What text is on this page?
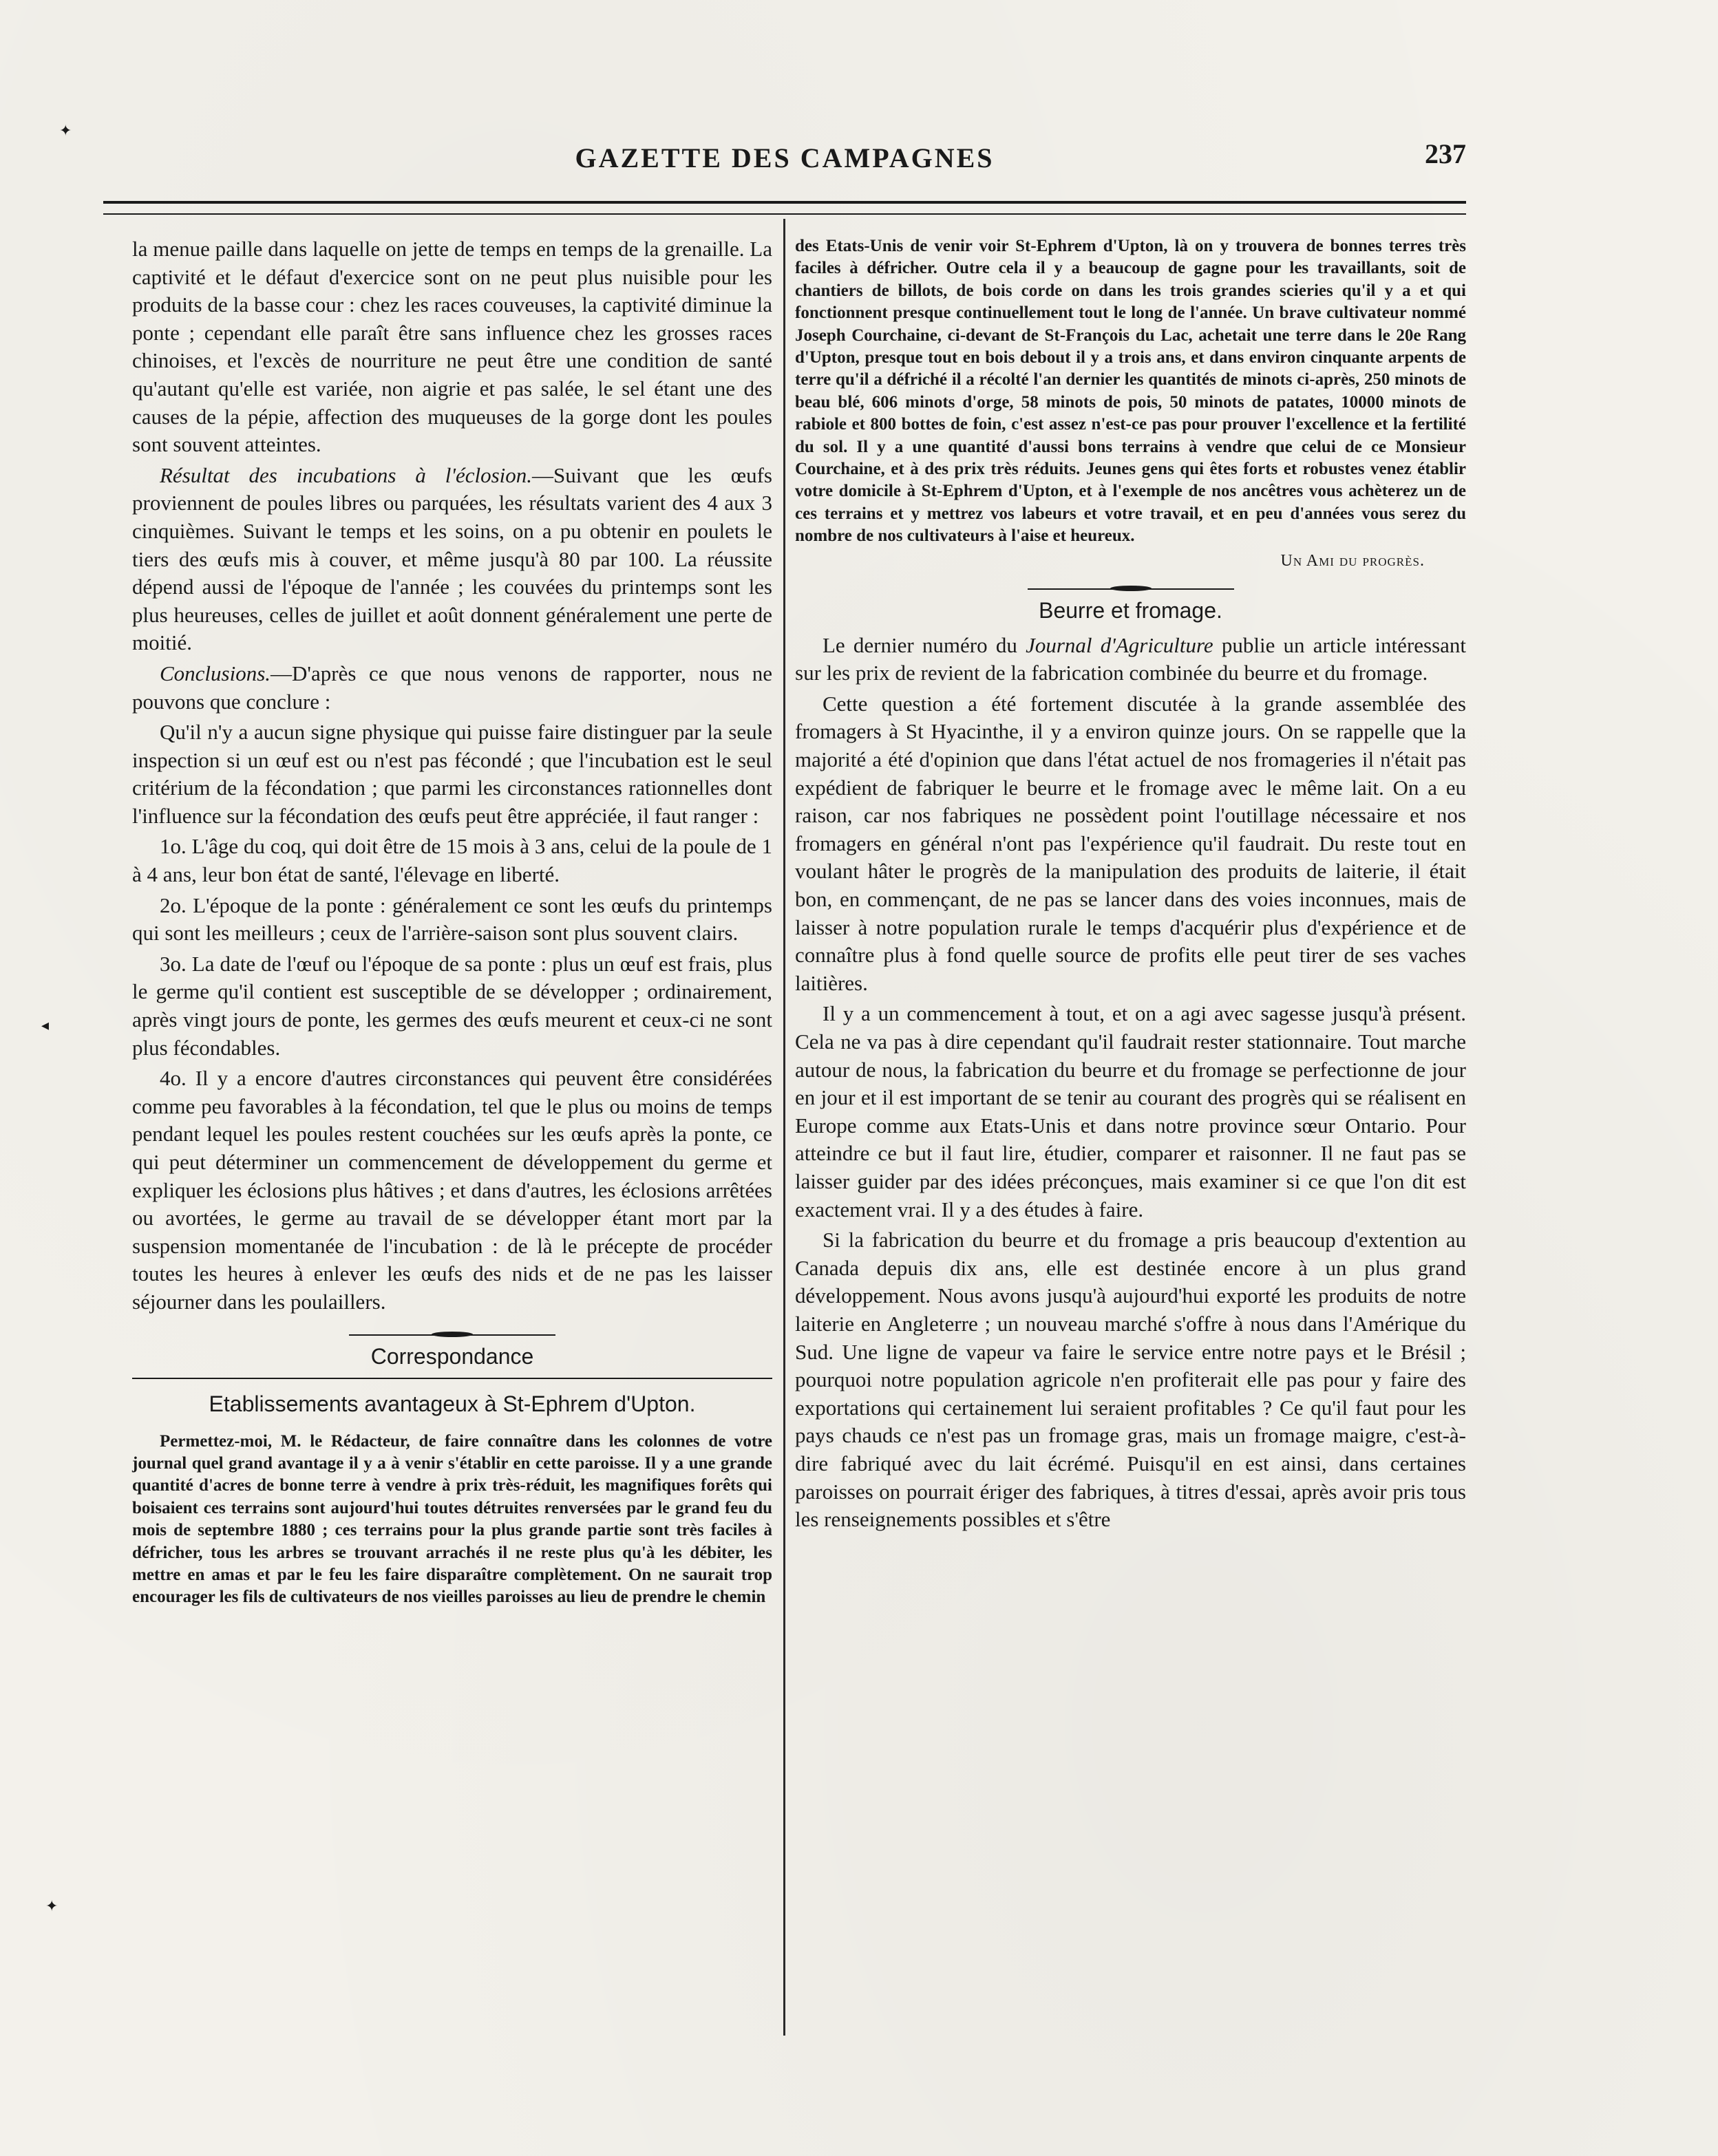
✦
◂
✦
GAZETTE DES CAMPAGNES	237

la menue paille dans laquelle on jette de temps en temps de la grenaille. La captivité et le défaut d'exercice sont on ne peut plus nuisible pour les produits de la basse cour : chez les races couveuses, la captivité diminue la ponte ; cependant elle paraît être sans influence chez les grosses races chinoises, et l'excès de nourriture ne peut être une condition de santé qu'autant qu'elle est variée, non aigrie et pas salée, le sel étant une des causes de la pépie, affection des muqueuses de la gorge dont les poules sont souvent atteintes.

Résultat des incubations à l'éclosion.—Suivant que les œufs proviennent de poules libres ou parquées, les résultats varient des 4 aux 3 cinquièmes. Suivant le temps et les soins, on a pu obtenir en poulets le tiers des œufs mis à couver, et même jusqu'à 80 par 100. La réussite dépend aussi de l'époque de l'année ; les couvées du printemps sont les plus heureuses, celles de juillet et août donnent généralement une perte de moitié.

Conclusions.—D'après ce que nous venons de rapporter, nous ne pouvons que conclure :

Qu'il n'y a aucun signe physique qui puisse faire distinguer par la seule inspection si un œuf est ou n'est pas fécondé ; que l'incubation est le seul critérium de la fécondation ; que parmi les circonstances rationnelles dont l'influence sur la fécondation des œufs peut être appréciée, il faut ranger :

1o. L'âge du coq, qui doit être de 15 mois à 3 ans, celui de la poule de 1 à 4 ans, leur bon état de santé, l'élevage en liberté.

2o. L'époque de la ponte : généralement ce sont les œufs du printemps qui sont les meilleurs ; ceux de l'arrière-saison sont plus souvent clairs.

3o. La date de l'œuf ou l'époque de sa ponte : plus un œuf est frais, plus le germe qu'il contient est susceptible de se développer ; ordinairement, après vingt jours de ponte, les germes des œufs meurent et ceux-ci ne sont plus fécondables.

4o. Il y a encore d'autres circonstances qui peuvent être considérées comme peu favorables à la fécondation, tel que le plus ou moins de temps pendant lequel les poules restent couchées sur les œufs après la ponte, ce qui peut déterminer un commencement de développement du germe et expliquer les éclosions plus hâtives ; et dans d'autres, les éclosions arrêtées ou avortées, le germe au travail de se développer étant mort par la suspension momentanée de l'incubation : de là le précepte de procéder toutes les heures à enlever les œufs des nids et de ne pas les laisser séjourner dans les poulaillers.

Correspondance
Etablissements avantageux à St-Ephrem d'Upton.

Permettez-moi, M. le Rédacteur, de faire connaître dans les colonnes de votre journal quel grand avantage il y a à venir s'établir en cette paroisse. Il y a une grande quantité d'acres de bonne terre à vendre à prix très-réduit, les magnifiques forêts qui boisaient ces terrains sont aujourd'hui toutes détruites renversées par le grand feu du mois de septembre 1880 ; ces terrains pour la plus grande partie sont très faciles à défricher, tous les arbres se trouvant arrachés il ne reste plus qu'à les débiter, les mettre en amas et par le feu les faire disparaître complètement. On ne saurait trop encourager les fils de cultivateurs de nos vieilles paroisses au lieu de prendre le chemin

des Etats-Unis de venir voir St-Ephrem d'Upton, là on y trouvera de bonnes terres très faciles à défricher. Outre cela il y a beaucoup de gagne pour les travaillants, soit de chantiers de billots, de bois corde on dans les trois grandes scieries qu'il y a et qui fonctionnent presque continuellement tout le long de l'année. Un brave cultivateur nommé Joseph Courchaine, ci-devant de St-François du Lac, achetait une terre dans le 20e Rang d'Upton, presque tout en bois debout il y a trois ans, et dans environ cinquante arpents de terre qu'il a défriché il a récolté l'an dernier les quantités de minots ci-après, 250 minots de beau blé, 606 minots d'orge, 58 minots de pois, 50 minots de patates, 10000 minots de rabiole et 800 bottes de foin, c'est assez n'est-ce pas pour prouver l'excellence et la fertilité du sol. Il y a une quantité d'aussi bons terrains à vendre que celui de ce Monsieur Courchaine, et à des prix très réduits. Jeunes gens qui êtes forts et robustes venez établir votre domicile à St-Ephrem d'Upton, et à l'exemple de nos ancêtres vous achèterez un de ces terrains et y mettrez vos labeurs et votre travail, et en peu d'années vous serez du nombre de nos cultivateurs à l'aise et heureux.

Un Ami du progrès.
Beurre et fromage.

Le dernier numéro du Journal d'Agriculture publie un article intéressant sur les prix de revient de la fabrication combinée du beurre et du fromage.

Cette question a été fortement discutée à la grande assemblée des fromagers à St Hyacinthe, il y a environ quinze jours. On se rappelle que la majorité a été d'opinion que dans l'état actuel de nos fromageries il n'était pas expédient de fabriquer le beurre et le fromage avec le même lait. On a eu raison, car nos fabriques ne possèdent point l'outillage nécessaire et nos fromagers en général n'ont pas l'expérience qu'il faudrait. Du reste tout en voulant hâter le progrès de la manipulation des produits de laiterie, il était bon, en commençant, de ne pas se lancer dans des voies inconnues, mais de laisser à notre population rurale le temps d'acquérir plus d'expérience et de connaître plus à fond quelle source de profits elle peut tirer de ses vaches laitières.

Il y a un commencement à tout, et on a agi avec sagesse jusqu'à présent. Cela ne va pas à dire cependant qu'il faudrait rester stationnaire. Tout marche autour de nous, la fabrication du beurre et du fromage se perfectionne de jour en jour et il est important de se tenir au courant des progrès qui se réalisent en Europe comme aux Etats-Unis et dans notre province sœur Ontario. Pour atteindre ce but il faut lire, étudier, comparer et raisonner. Il ne faut pas se laisser guider par des idées préconçues, mais examiner si ce que l'on dit est exactement vrai. Il y a des études à faire.

Si la fabrication du beurre et du fromage a pris beaucoup d'extention au Canada depuis dix ans, elle est destinée encore à un plus grand développement. Nous avons jusqu'à aujourd'hui exporté les produits de notre laiterie en Angleterre ; un nouveau marché s'offre à nous dans l'Amérique du Sud. Une ligne de vapeur va faire le service entre notre pays et le Brésil ; pourquoi notre population agricole n'en profiterait elle pas pour y faire des exportations qui certainement lui seraient profitables ? Ce qu'il faut pour les pays chauds ce n'est pas un fromage gras, mais un fromage maigre, c'est-à-dire fabriqué avec du lait écrémé. Puisqu'il en est ainsi, dans certaines paroisses on pourrait ériger des fabriques, à titres d'essai, après avoir pris tous les renseignements possibles et s'être
